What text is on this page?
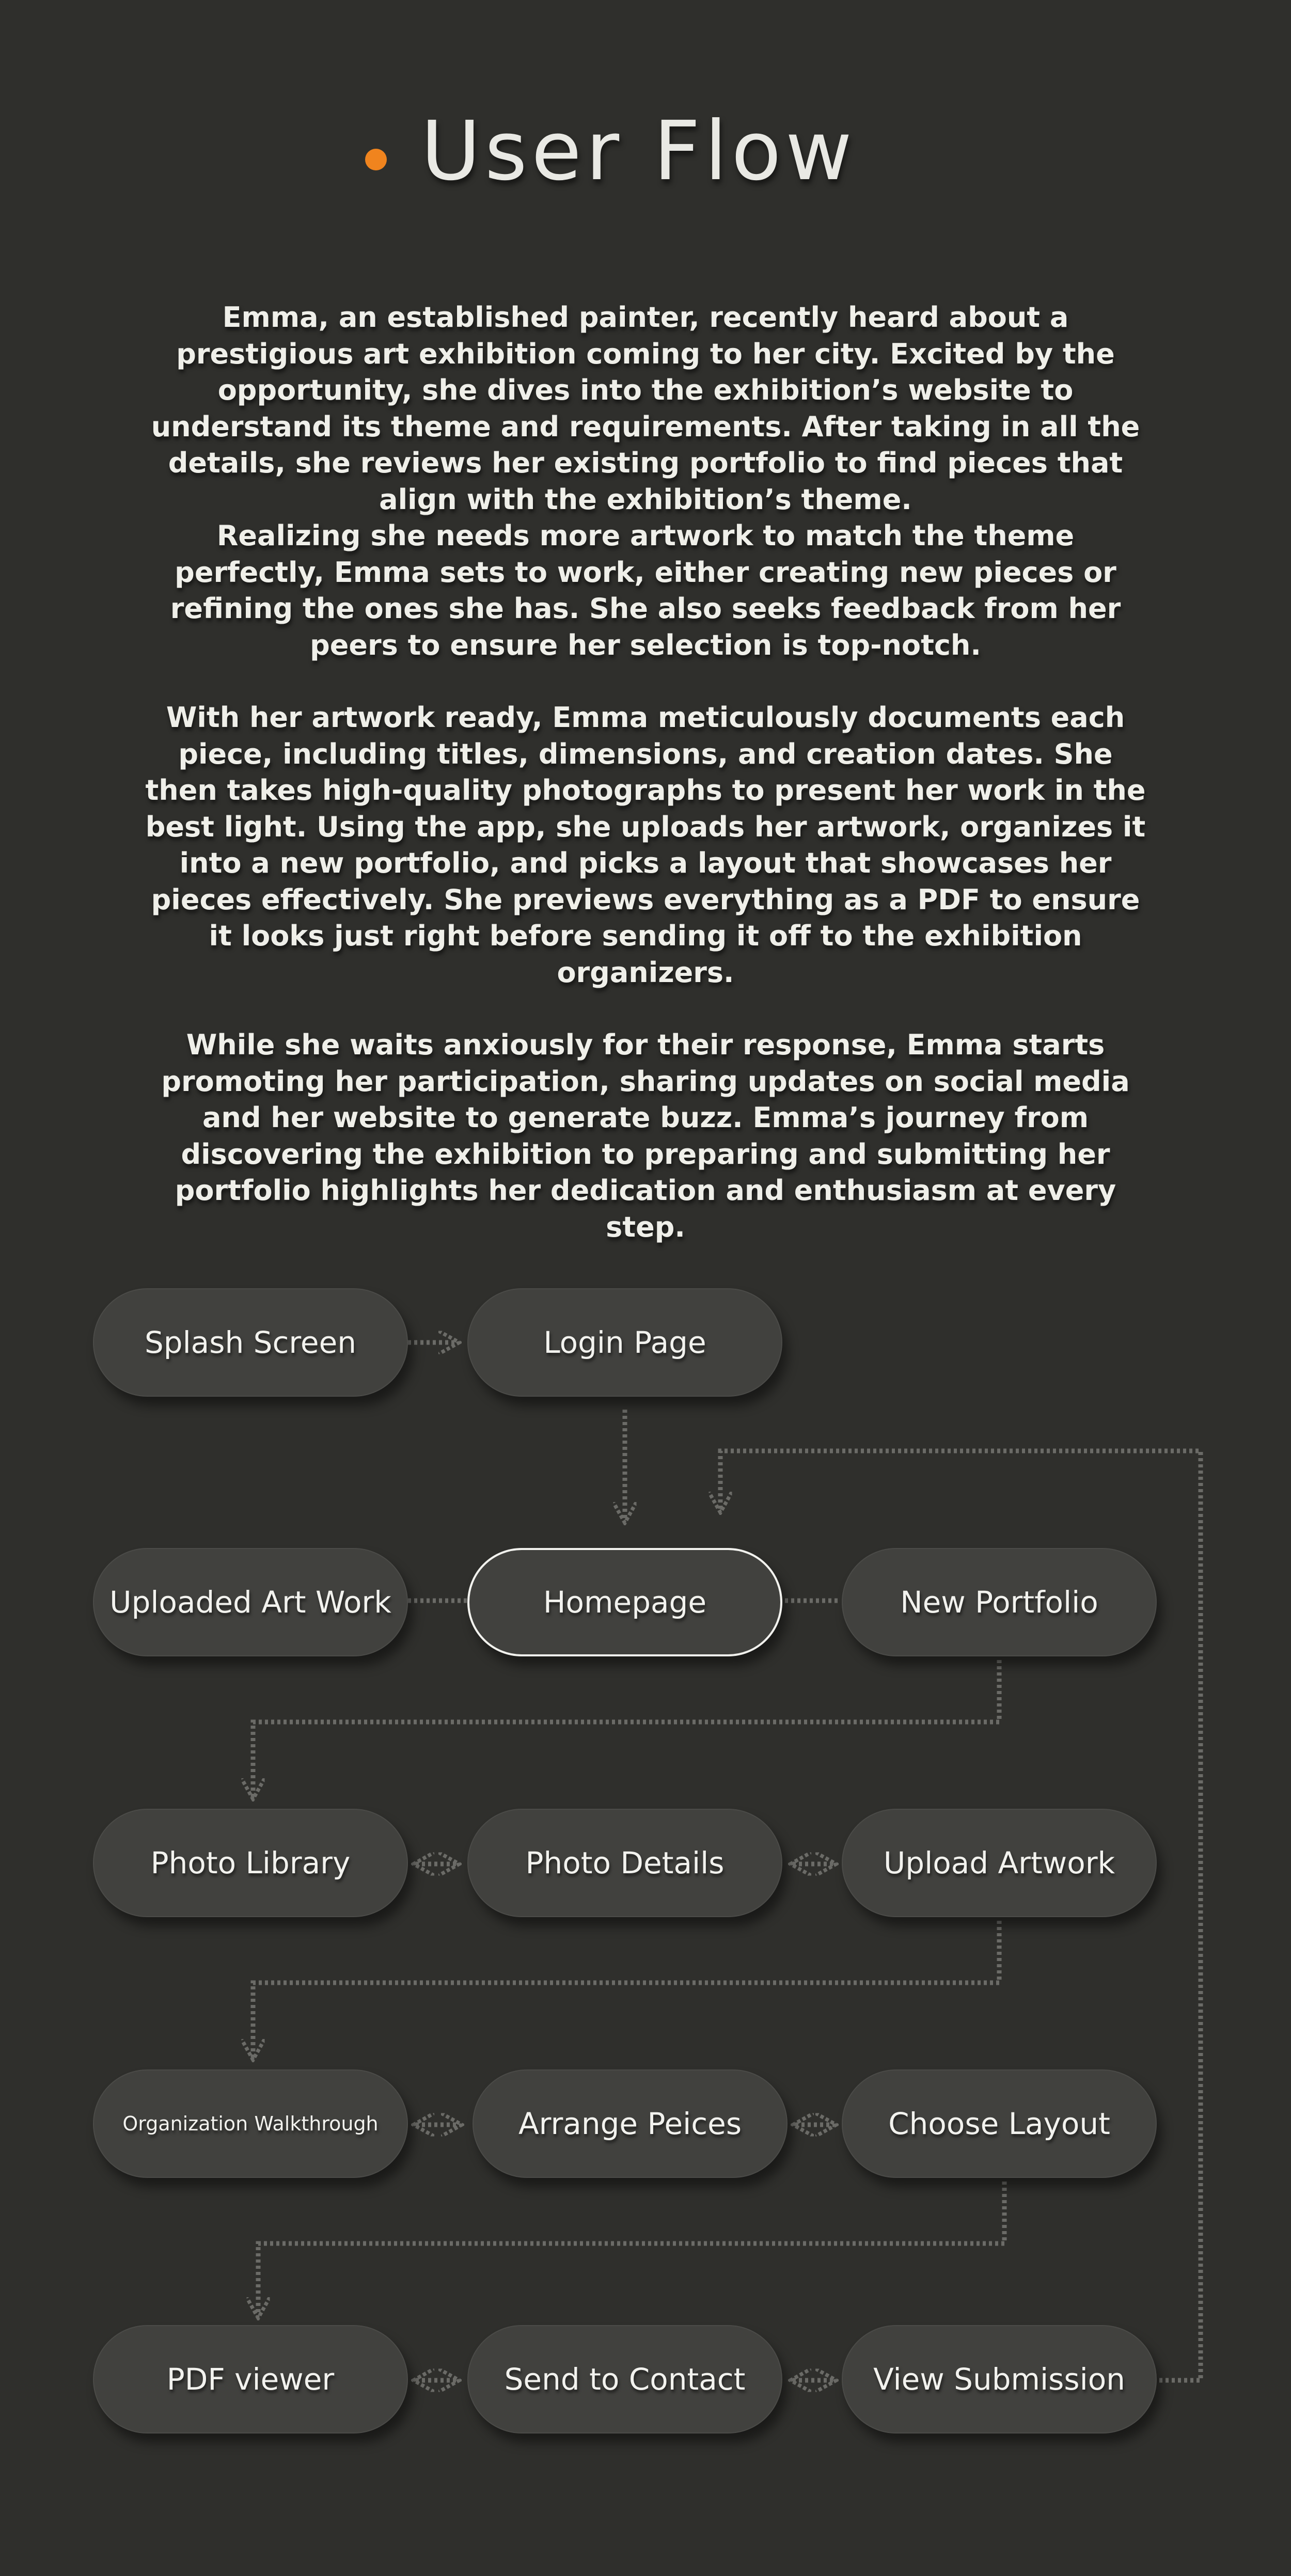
User Flow

Emma, an established painter, recently heard about a prestigious art exhibition coming to her city. Excited by the opportunity, she dives into the exhibition’s website to understand its theme and requirements. After taking in all the details, she reviews her existing portfolio to find pieces that align with the exhibition’s theme.

Realizing she needs more artwork to match the theme perfectly, Emma sets to work, either creating new pieces or refining the ones she has. She also seeks feedback from her peers to ensure her selection is top-notch.

With her artwork ready, Emma meticulously documents each piece, including titles, dimensions, and creation dates. She then takes high-quality photographs to present her work in the best light. Using the app, she uploads her artwork, organizes it into a new portfolio, and picks a layout that showcases her pieces effectively. She previews everything as a PDF to ensure it looks just right before sending it off to the exhibition organizers.

While she waits anxiously for their response, Emma starts promoting her participation, sharing updates on social media and her website to generate buzz. Emma’s journey from discovering the exhibition to preparing and submitting her portfolio highlights her dedication and enthusiasm at every step.

Splash Screen	Login Page
Uploaded Art Work	Homepage	New Portfolio
Photo Library	Photo Details	Upload Artwork
Organization Walkthrough	Arrange Peices	Choose Layout
PDF viewer	Send to Contact	View Submission
